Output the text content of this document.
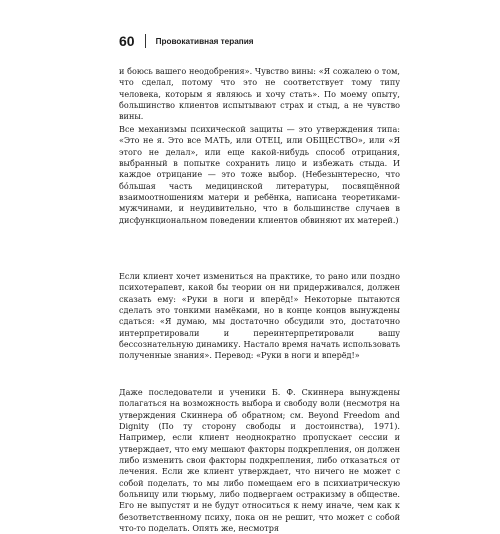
60	Провокативная терапия

и боюсь вашего неодобрения». Чувство вины: «Я сожалею о том, что сделал, потому что это не соответствует тому типу человека, которым я являюсь и хочу стать». По моему опыту, большинство клиентов испытывают страх и стыд, а не чувство вины.

Все механизмы психической защиты — это утверждения типа: «Это не я. Это все МАТЬ, или ОТЕЦ, или ОБЩЕСТВО», или «Я этого не делал», или еще какой-нибудь способ отрицания, выбранный в попытке сохранить лицо и избежать стыда. И каждое отрицание — это тоже выбор. (Небезынтересно, что бóльшая часть медицинской литературы, посвящённой взаимоотношениям матери и ребёнка, написана теоретиками-мужчинами, и неудивительно, что в большинстве случаев в дисфункциональном поведении клиентов обвиняют их матерей.)

Если клиент хочет измениться на практике, то рано или поздно психотерапевт, какой бы теории он ни придерживался, должен сказать ему: «Руки в ноги и вперёд!» Некоторые пытаются сделать это тонкими намёками, но в конце концов вынуждены сдаться: «Я думаю, мы достаточно обсудили это, достаточно интерпретировали и переинтерпретировали вашу бессознательную динамику. Настало время начать использовать полученные знания». Перевод: «Руки в ноги и вперёд!»

Даже последователи и ученики Б. Ф. Скиннера вынуждены полагаться на возможность выбора и свободу воли (несмотря на утверждения Скиннера об обратном; см. Beyond Freedom and Dignity (По ту сторону свободы и достоинства), 1971). Например, если клиент неоднократно пропускает сессии и утверждает, что ему мешают факторы подкрепления, он должен либо изменить свои факторы подкрепления, либо отказаться от лечения. Если же клиент утверждает, что ничего не может с собой поделать, то мы либо помещаем его в психиатрическую больницу или тюрьму, либо подвергаем остракизму в обществе. Его не выпустят и не будут относиться к нему иначе, чем как к безответственному психу, пока он не решит, что может с собой что-то поделать. Опять же, несмотря
